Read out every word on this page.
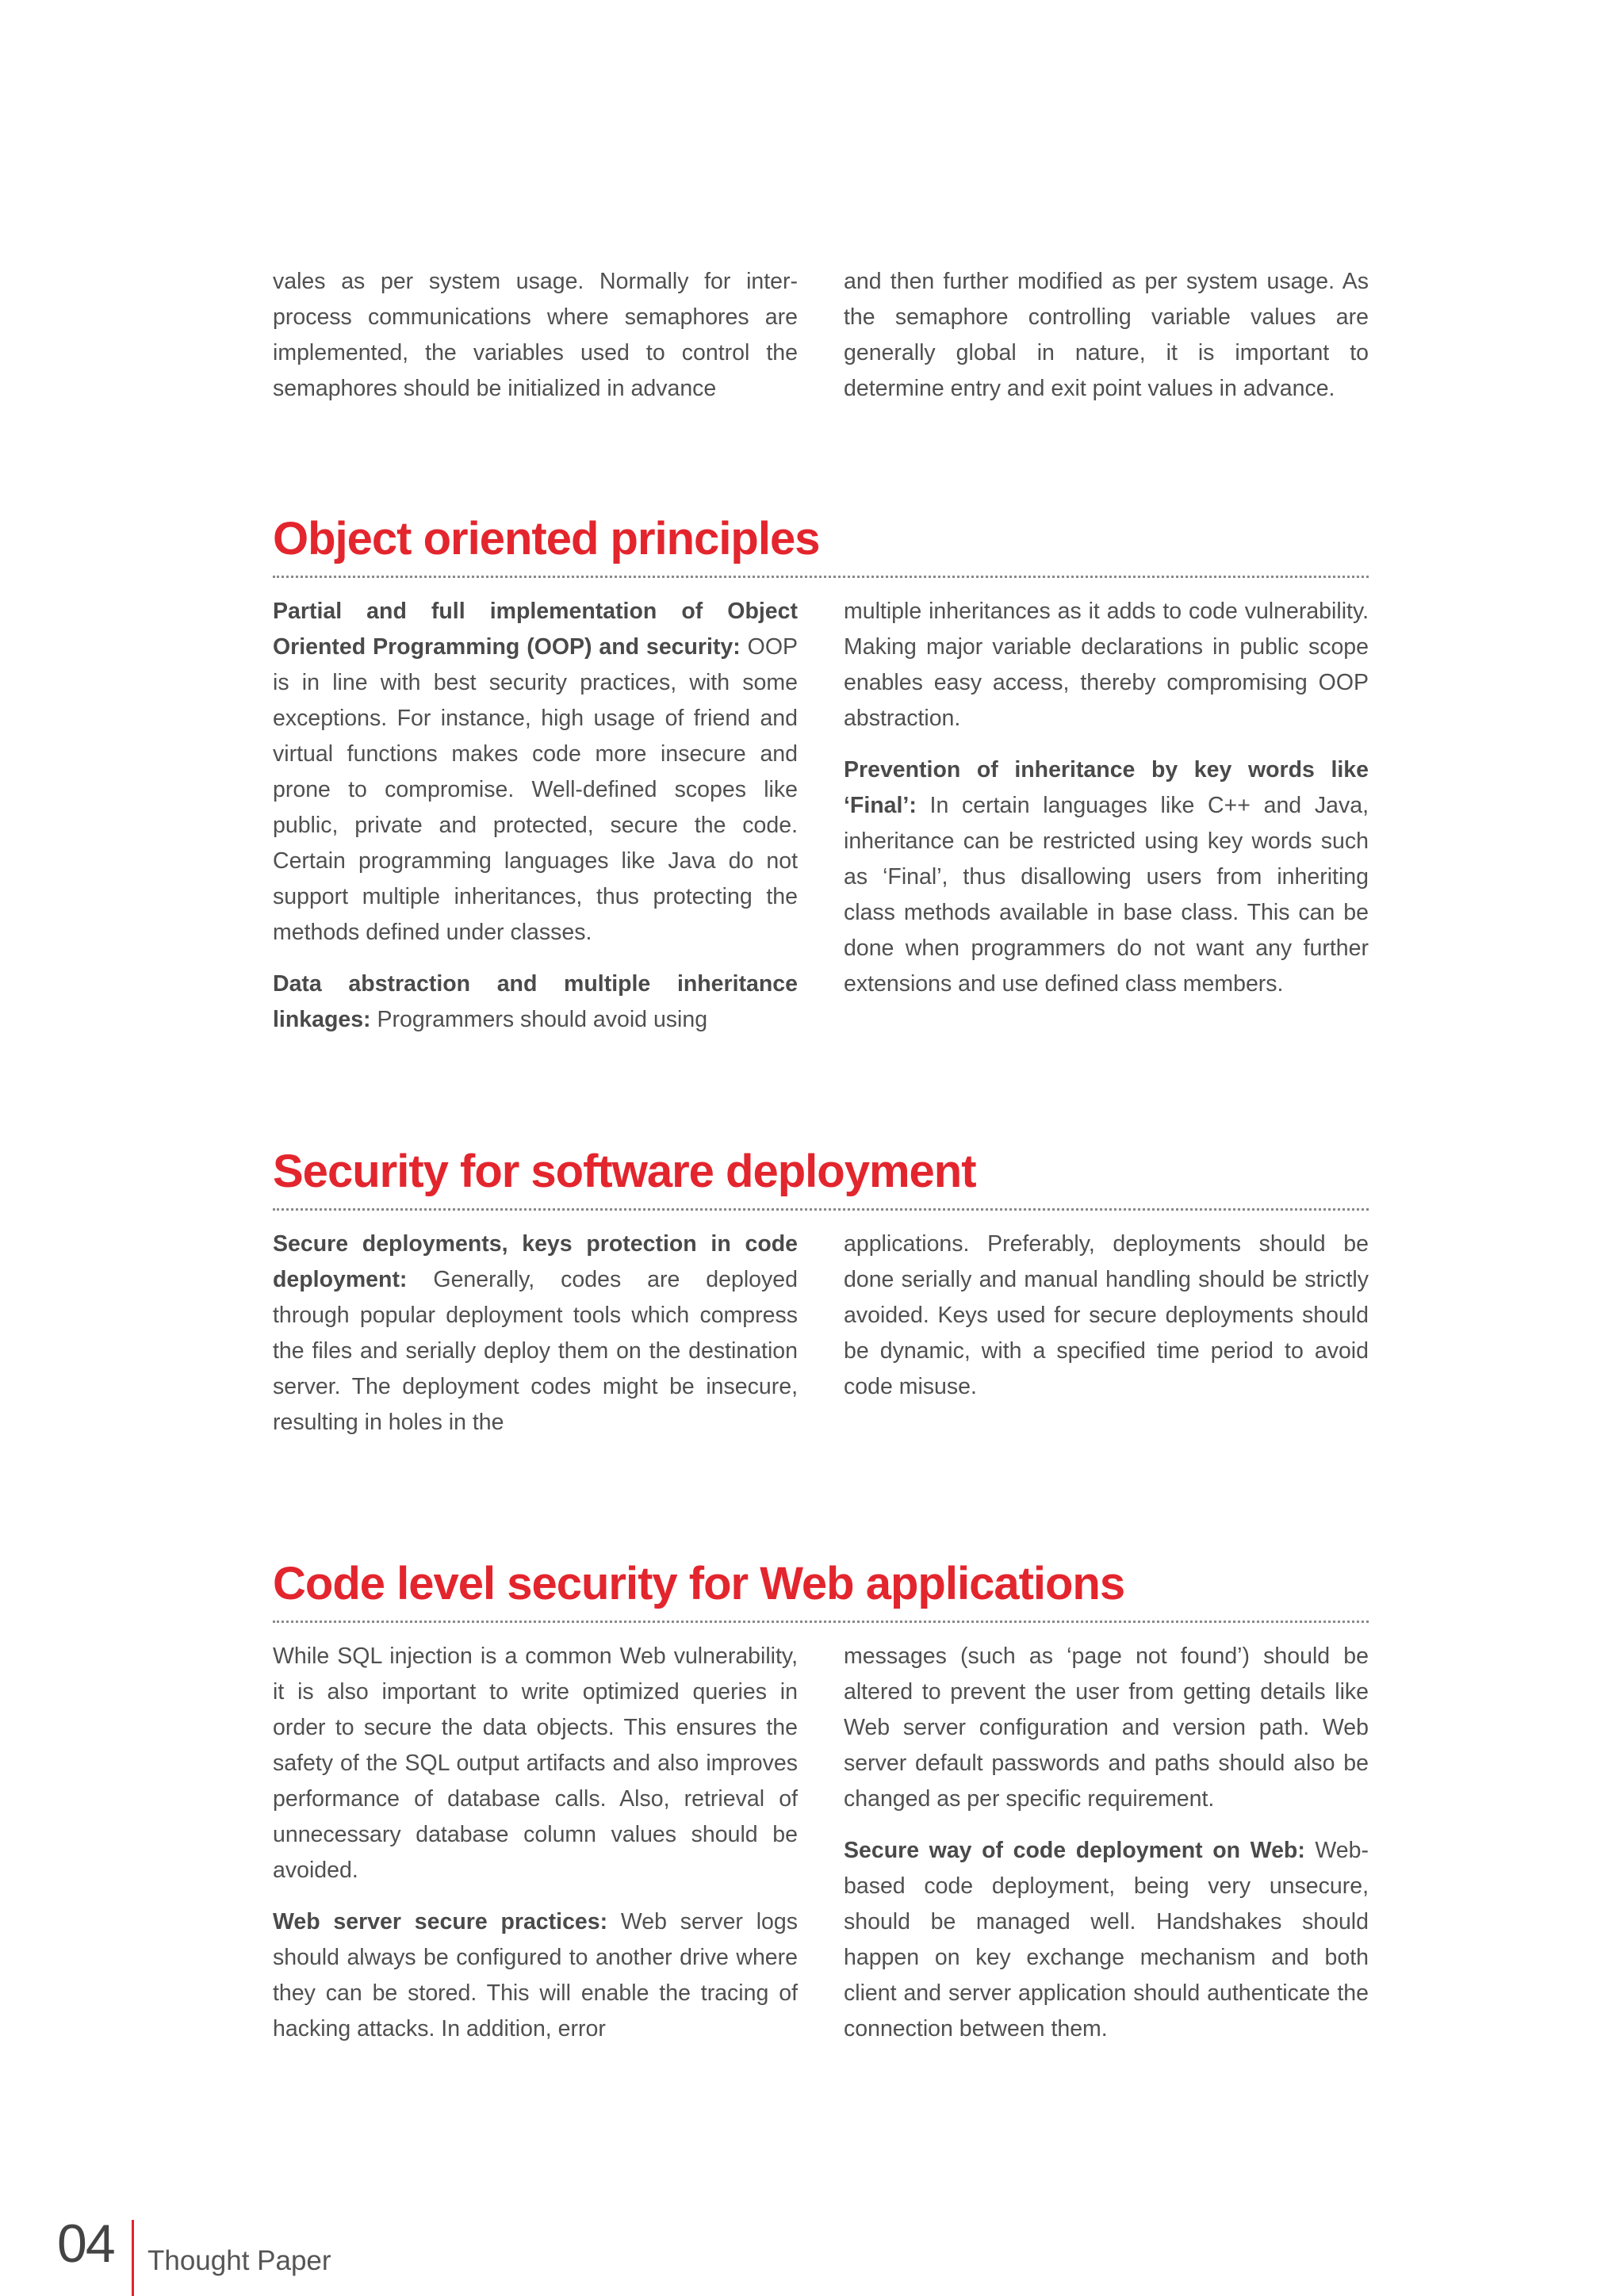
vales as per system usage. Normally for inter-process communications where semaphores are implemented, the variables used to control the semaphores should be initialized in advance

and then further modified as per system usage. As the semaphore controlling variable values are generally global in nature, it is important to determine entry and exit point values in advance.

Object oriented principles

Partial and full implementation of Object Oriented Programming (OOP) and security: OOP is in line with best security practices, with some exceptions. For instance, high usage of friend and virtual functions makes code more insecure and prone to compromise. Well-defined scopes like public, private and protected, secure the code. Certain programming languages like Java do not support multiple inheritances, thus protecting the methods defined under classes.

Data abstraction and multiple inheritance linkages: Programmers should avoid using

multiple inheritances as it adds to code vulnerability. Making major variable declarations in public scope enables easy access, thereby compromising OOP abstraction.

Prevention of inheritance by key words like ‘Final’: In certain languages like C++ and Java, inheritance can be restricted using key words such as ‘Final’, thus disallowing users from inheriting class methods available in base class. This can be done when programmers do not want any further extensions and use defined class members.

Security for software deployment

Secure deployments, keys protection in code deployment: Generally, codes are deployed through popular deployment tools which compress the files and serially deploy them on the destination server. The deployment codes might be insecure, resulting in holes in the

applications. Preferably, deployments should be done serially and manual handling should be strictly avoided. Keys used for secure deployments should be dynamic, with a specified time period to avoid code misuse.

Code level security for Web applications

While SQL injection is a common Web vulnerability, it is also important to write optimized queries in order to secure the data objects. This ensures the safety of the SQL output artifacts and also improves performance of database calls. Also, retrieval of unnecessary database column values should be avoided.

Web server secure practices: Web server logs should always be configured to another drive where they can be stored. This will enable the tracing of hacking attacks. In addition, error

messages (such as ‘page not found’) should be altered to prevent the user from getting details like Web server configuration and version path. Web server default passwords and paths should also be changed as per specific requirement.

Secure way of code deployment on Web: Web-based code deployment, being very unsecure, should be managed well. Handshakes should happen on key exchange mechanism and both client and server application should authenticate the connection between them.

04 Thought Paper
